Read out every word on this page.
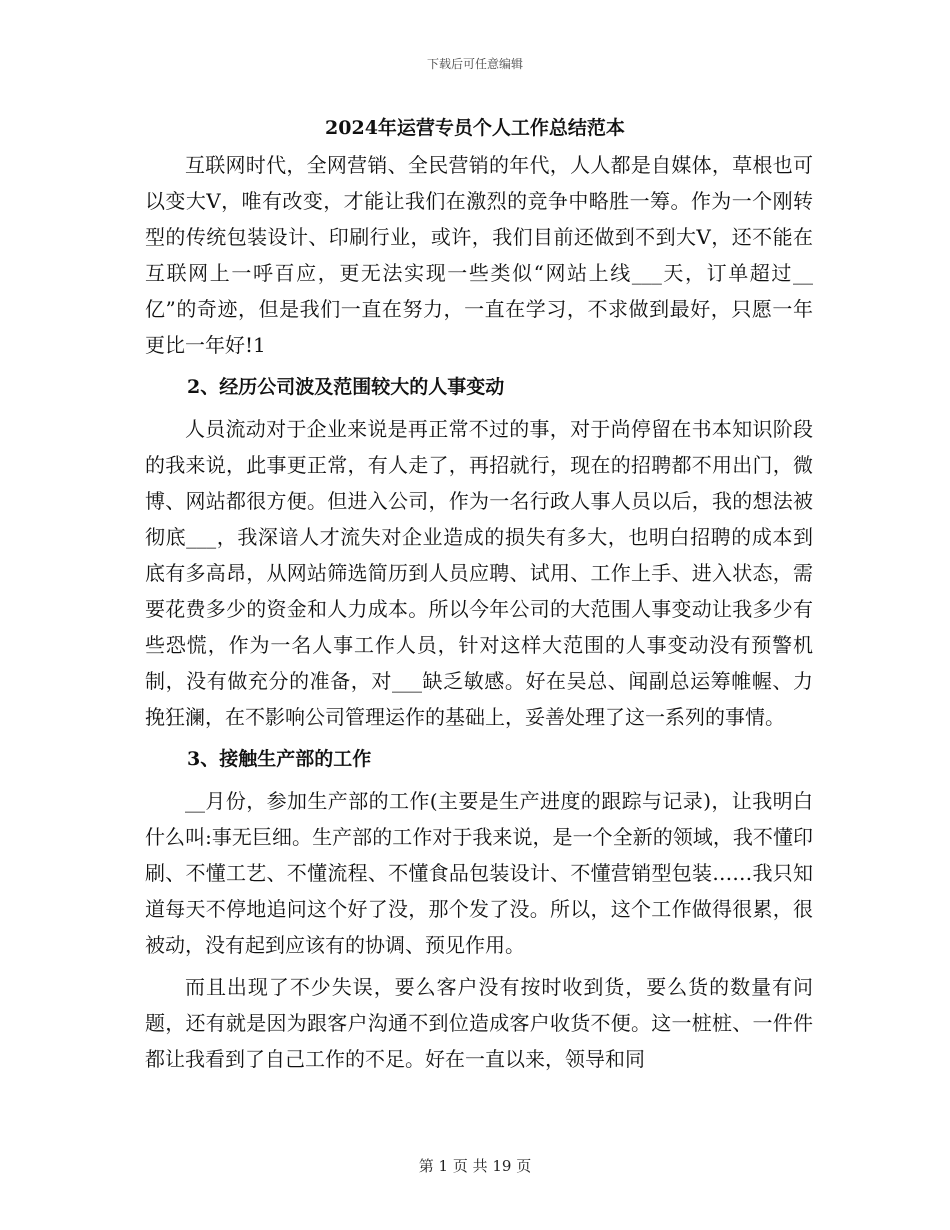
下载后可任意编辑
2024年运营专员个人工作总结范本

互联网时代，全网营销、全民营销的年代，人人都是自媒体，草根也可以变大V，唯有改变，才能让我们在激烈的竞争中略胜一筹。作为一个刚转型的传统包装设计、印刷行业，或许，我们目前还做到不到大V，还不能在互联网上一呼百应，更无法实现一些类似“网站上线___天，订单超过__亿”的奇迹，但是我们一直在努力，一直在学习，不求做到最好，只愿一年更比一年好!1

2、经历公司波及范围较大的人事变动

人员流动对于企业来说是再正常不过的事，对于尚停留在书本知识阶段的我来说，此事更正常，有人走了，再招就行，现在的招聘都不用出门，微博、网站都很方便。但进入公司，作为一名行政人事人员以后，我的想法被彻底___，我深谙人才流失对企业造成的损失有多大，也明白招聘的成本到底有多高昂，从网站筛选简历到人员应聘、试用、工作上手、进入状态，需要花费多少的资金和人力成本。所以今年公司的大范围人事变动让我多少有些恐慌，作为一名人事工作人员，针对这样大范围的人事变动没有预警机制，没有做充分的准备，对___缺乏敏感。好在吴总、闻副总运筹帷幄、力挽狂澜，在不影响公司管理运作的基础上，妥善处理了这一系列的事情。

3、接触生产部的工作

__月份，参加生产部的工作(主要是生产进度的跟踪与记录)，让我明白什么叫:事无巨细。生产部的工作对于我来说，是一个全新的领域，我不懂印刷、不懂工艺、不懂流程、不懂食品包装设计、不懂营销型包装……我只知道每天不停地追问这个好了没，那个发了没。所以，这个工作做得很累，很被动，没有起到应该有的协调、预见作用。

而且出现了不少失误，要么客户没有按时收到货，要么货的数量有问题，还有就是因为跟客户沟通不到位造成客户收货不便。这一桩桩、一件件都让我看到了自己工作的不足。好在一直以来，领导和同

第 1 页 共 19 页
